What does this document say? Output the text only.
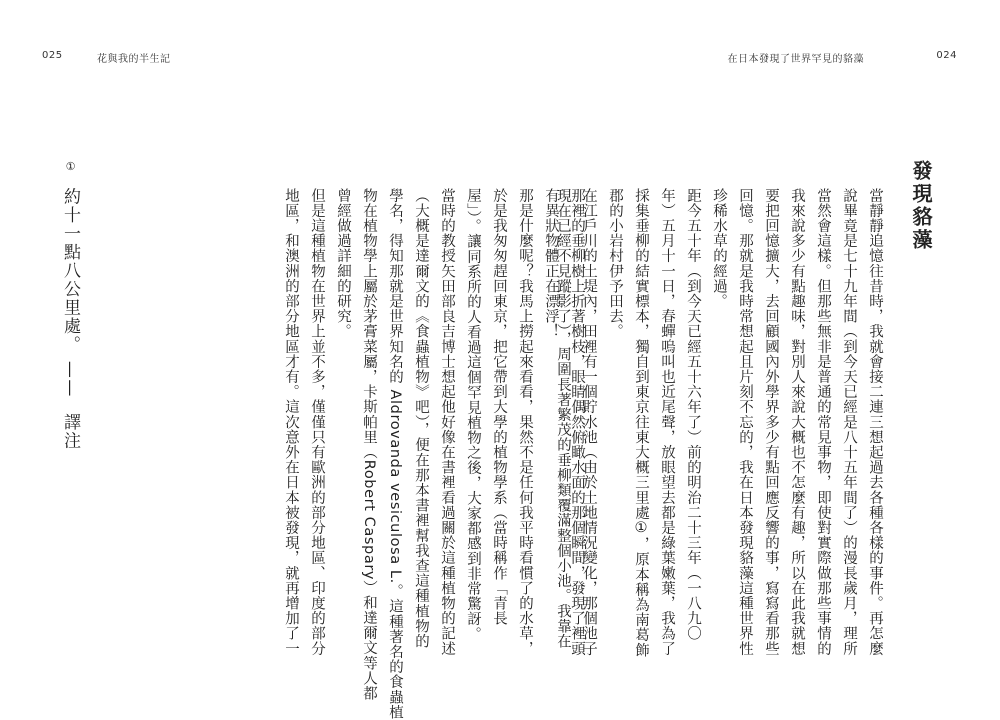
025	花與我的半生記	在日本發現了世界罕見的貉藻	024
發現貉藻
當靜靜追憶往昔時，我就會接二連三想起過去各種各樣的事件。再怎麼
說畢竟是七十九年間（到今天已經是八十五年間了）的漫長歲月，理所
當然會這樣。但那些無非是普通的常見事物，即使對實際做那些事情的
我來說多少有點趣味，對別人來說大概也不怎麼有趣，所以在此我就想
要把回憶擴大，去回顧國內外學界多少有點回應反響的事，寫寫看那些
回憶。那就是我時常想起且片刻不忘的，我在日本發現貉藻這種世界性
珍稀水草的經過。
距今五十年（到今天已經五十六年了）前的明治二十三年（一八九〇
年）五月十一日，春蟬嗚叫也近尾聲，放眼望去都是綠葉嫩葉，我為了
採集垂柳的結實標本，獨自到東京往東大概三里處①，原本稱為南葛飾
郡的小岩村伊予田去。
在江戶川的土堤內，田裡有一個貯水池（由於土地情況變化，那個池子
現在已經不見蹤影了），周圍長著繁茂的垂柳類覆滿整個小池。我靠在
那裡的垂柳樹上折著樹枝，眼睛偶然俯瞰水面的那個瞬間，發現了裡頭
有異狀物體正在漂浮！
那是什麼呢？我馬上撈起來看看，果然不是任何我平時看慣了的水草，
於是我匆匆趕回東京，把它帶到大學的植物學系（當時稱作「青長
屋」）。讓同系所的人看過這個罕見植物之後，大家都感到非常驚訝。
當時的教授矢田部良吉博士想起他好像在書裡看過關於這種植物的記述
（大概是達爾文的《食蟲植物》吧），便在那本書裡幫我查這種植物的
學名，得知那就是世界知名的 Aldrovanda vesiculosa L.。這種著名的食蟲植
物在植物學上屬於茅膏菜屬，卡斯帕里（Robert Caspary）和達爾文等人都
曾經做過詳細的研究。
但是這種植物在世界上並不多，僅僅只有歐洲的部分地區、印度的部分
地區，和澳洲的部分地區才有。這次意外在日本被發現，就再增加了一
① 約十一點八公里處。 —— 譯注
